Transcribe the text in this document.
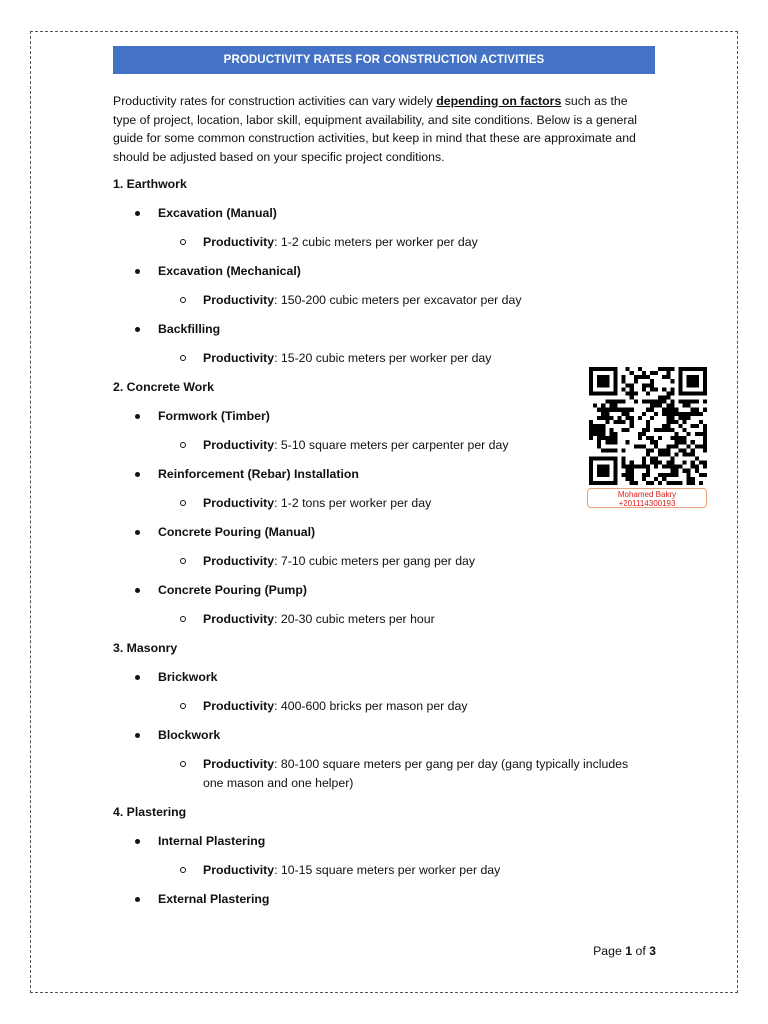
PRODUCTIVITY RATES FOR CONSTRUCTION ACTIVITIES

Productivity rates for construction activities can vary widely depending on factors such as the type of project, location, labor skill, equipment availability, and site conditions. Below is a general guide for some common construction activities, but keep in mind that these are approximate and should be adjusted based on your specific project conditions.

1. Earthwork
Excavation (Manual)
Productivity: 1-2 cubic meters per worker per day
Excavation (Mechanical)
Productivity: 150-200 cubic meters per excavator per day
Backfilling
Productivity: 15-20 cubic meters per worker per day
2. Concrete Work
Formwork (Timber)
Productivity: 5-10 square meters per carpenter per day
Reinforcement (Rebar) Installation
Productivity: 1-2 tons per worker per day
Concrete Pouring (Manual)
Productivity: 7-10 cubic meters per gang per day
Concrete Pouring (Pump)
Productivity: 20-30 cubic meters per hour
3. Masonry
Brickwork
Productivity: 400-600 bricks per mason per day
Blockwork
Productivity: 80-100 square meters per gang per day (gang typically includes one mason and one helper)
4. Plastering
Internal Plastering
Productivity: 10-15 square meters per worker per day
External Plastering
Mohamed Bakry
+201114300193
Page 1 of 3
